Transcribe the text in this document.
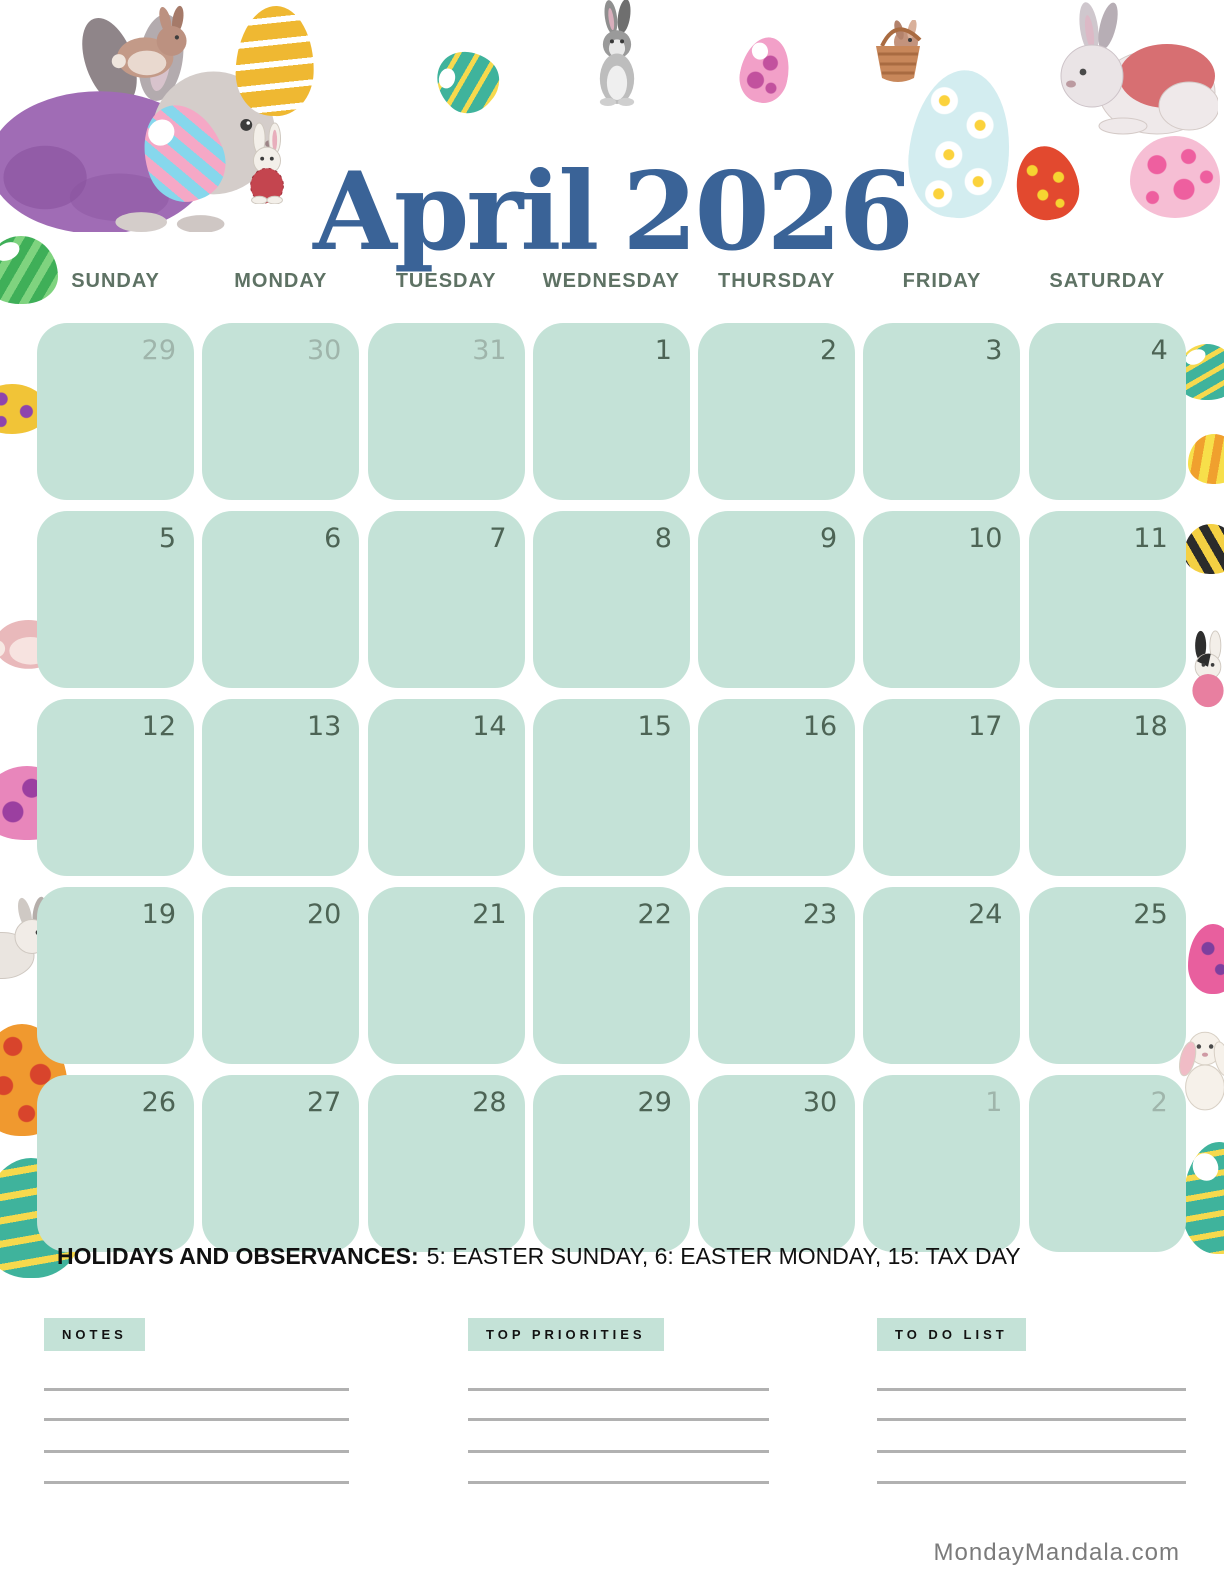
April 2026
SUNDAY	MONDAY	TUESDAY	WEDNESDAY	THURSDAY	FRIDAY	SATURDAY
29	30	31	1	2	3	4
5	6	7	8	9	10	11
12	13	14	15	16	17	18
19	20	21	22	23	24	25
26	27	28	29	30	1	2

HOLIDAYS AND OBSERVANCES: 5: EASTER SUNDAY, 6: EASTER MONDAY, 15: TAX DAY

NOTES	TOP PRIORITIES	TO DO LIST
MondayMandala.com
